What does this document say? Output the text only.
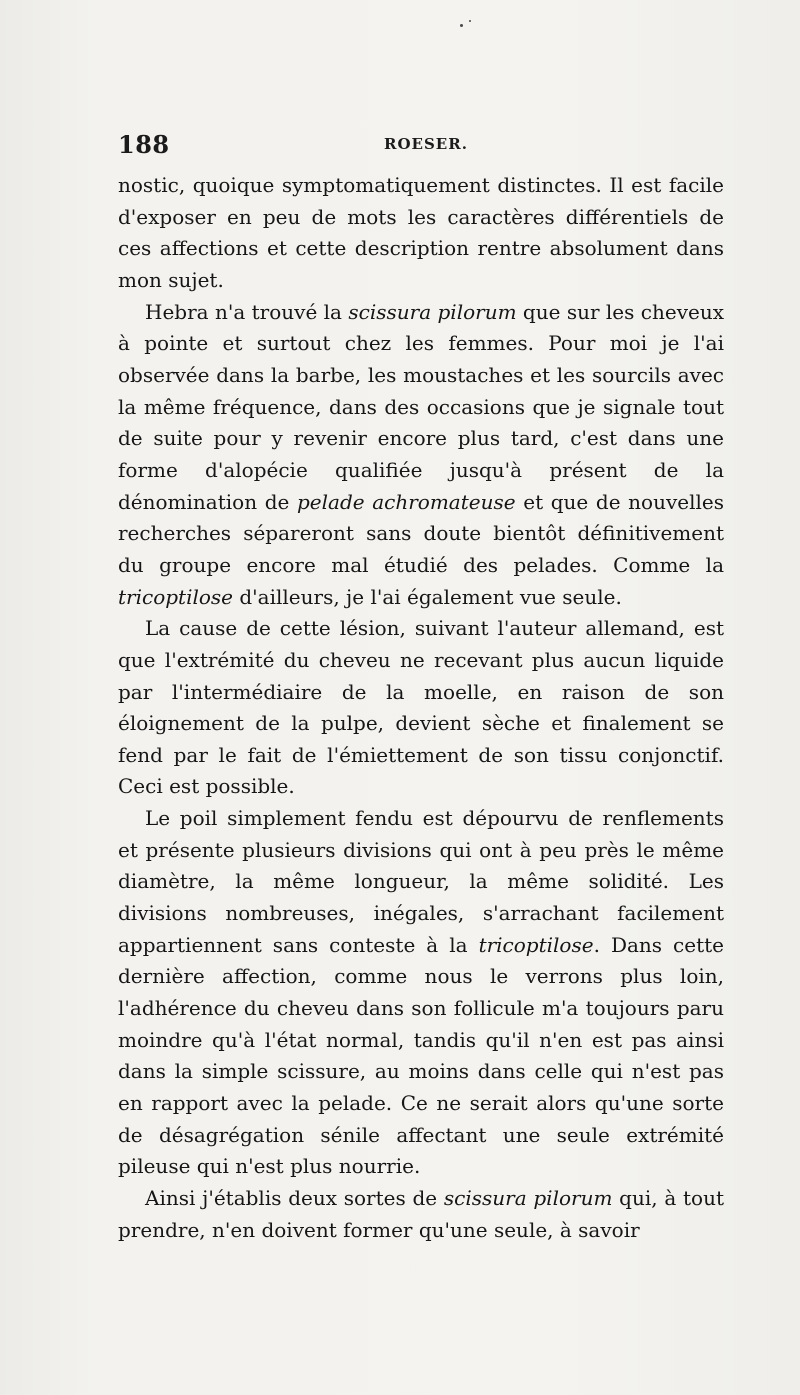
188	ROESER.

nostic, quoique symptomatiquement distinctes. Il est facile d'exposer en peu de mots les caractères différentiels de ces affections et cette description rentre absolument dans mon sujet.

Hebra n'a trouvé la scissura pilorum que sur les cheveux à pointe et surtout chez les femmes. Pour moi je l'ai observée dans la barbe, les moustaches et les sourcils avec la même fréquence, dans des occasions que je signale tout de suite pour y revenir encore plus tard, c'est dans une forme d'alopécie qualifiée jusqu'à présent de la dénomination de pelade achromateuse et que de nouvelles recherches sépareront sans doute bientôt définitivement du groupe encore mal étudié des pelades. Comme la tricoptilose d'ailleurs, je l'ai également vue seule.

La cause de cette lésion, suivant l'auteur allemand, est que l'extrémité du cheveu ne recevant plus aucun liquide par l'intermédiaire de la moelle, en raison de son éloignement de la pulpe, devient sèche et finalement se fend par le fait de l'émiettement de son tissu conjonctif. Ceci est possible.

Le poil simplement fendu est dépourvu de renflements et présente plusieurs divisions qui ont à peu près le même diamètre, la même longueur, la même solidité. Les divisions nombreuses, inégales, s'arrachant facilement appartiennent sans conteste à la tricoptilose. Dans cette dernière affection, comme nous le verrons plus loin, l'adhérence du cheveu dans son follicule m'a toujours paru moindre qu'à l'état normal, tandis qu'il n'en est pas ainsi dans la simple scissure, au moins dans celle qui n'est pas en rapport avec la pelade. Ce ne serait alors qu'une sorte de désagrégation sénile affectant une seule extrémité pileuse qui n'est plus nourrie.

Ainsi j'établis deux sortes de scissura pilorum qui, à tout prendre, n'en doivent former qu'une seule, à savoir
